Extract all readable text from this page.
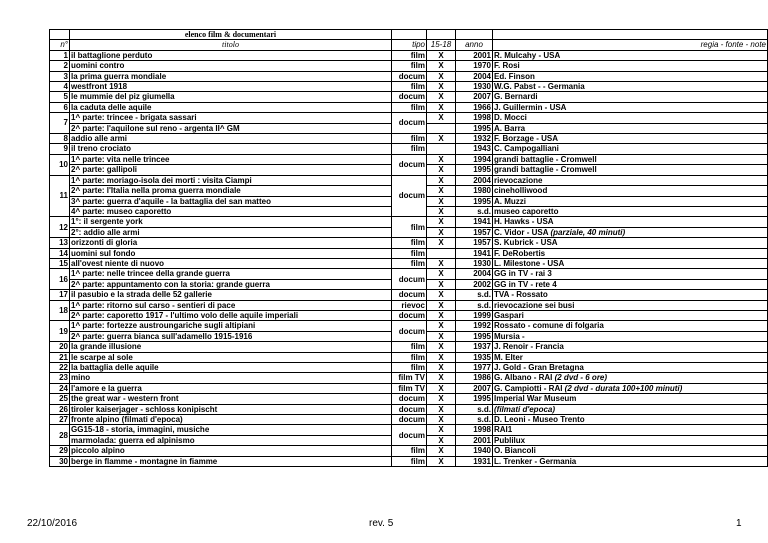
	elenco film & documentari				
n°	titolo	tipo	15-18	anno	regia - fonte - note
1	il battaglione perduto	film	X	2001	R. Mulcahy - USA
2	uomini contro	film	X	1970	F. Rosi
3	la prima guerra mondiale	docum	X	2004	Ed. Finson
4	westfront 1918	film	X	1930	W.G. Pabst - - Germania
5	le mummie del piz giumella	docum	X	2007	G. Bernardi
6	la caduta delle aquile	film	X	1966	J. Guillermin - USA
7	1^ parte: trincee - brigata sassari	docum	X	1998	D. Mocci
	2^ parte: l'aquilone sul reno - argenta II^ GM			1995	A. Barra
8	addio alle armi	film	X	1932	F. Borzage - USA
9	il treno crociato	film		1943	C. Campogalliani
10	1^ parte: vita nelle trincee	docum	X	1994	grandi battaglie - Cromwell
	2^ parte: gallipoli		X	1995	grandi battaglie - Cromwell
11	1^ parte: moriago-isola dei morti : visita Ciampi	docum	X	2004	rievocazione
	2^ parte: l'Italia nella proma guerra mondiale		X	1980	cineholliwood
	3^ parte: guerra d'aquile - la battaglia del san matteo		X	1995	A. Muzzi
	4^ parte: museo caporetto		X	s.d.	museo caporetto
12	1°: il sergente york	film	X	1941	H. Hawks - USA
	2°: addio alle armi		X	1957	C. Vidor - USA (parziale, 40 minuti)
13	orizzonti di gloria	film	X	1957	S. Kubrick - USA
14	uomini sul fondo	film		1941	F. DeRobertis
15	all'ovest niente di nuovo	film	X	1930	L. Milestone - USA
16	1^ parte: nelle trincee della grande guerra	docum	X	2004	GG in TV - rai 3
	2^ parte: appuntamento con la storia: grande guerra		X	2002	GG in TV - rete 4
17	il pasubio e la strada delle 52 gallerie	docum	X	s.d.	TVA - Rossato
18	1^ parte: ritorno sul carso - sentieri di pace	rievoc	X	s.d.	rievocazione sei busi
	2^ parte: caporetto 1917 - l'ultimo volo delle aquile imperiali	docum	X	1999	Gaspari
19	1^ parte: fortezze austroungariche sugli altipiani	docum	X	1992	Rossato - comune di folgaria
	2^ parte: guerra bianca sull'adamello 1915-1916		X	1995	Mursia -
20	la grande illusione	film	X	1937	J. Renoir - Francia
21	le scarpe al sole	film	X	1935	M. Elter
22	la battaglia delle aquile	film	X	1977	J. Gold - Gran Bretagna
23	mino	film TV	X	1986	G. Albano - RAI (2 dvd - 6 ore)
24	l'amore e la guerra	film TV	X	2007	G. Campiotti - RAI (2 dvd - durata 100+100 minuti)
25	the great war - western front	docum	X	1995	Imperial War Museum
26	tiroler kaiserjager - schloss konipischt	docum	X	s.d.	(filmati d'epoca)
27	fronte alpino (filmati d'epoca)	docum	X	s.d.	D. Leoni - Museo Trento
28	GG15-18 - storia, immagini, musiche	docum	X	1998	RAI1
	marmolada: guerra ed alpinismo		X	2001	Publilux
29	piccolo alpino	film	X	1940	O. Biancoli
30	berge in flamme - montagne in fiamme	film	X	1931	L. Trenker - Germania
22/10/2016	rev. 5	1
